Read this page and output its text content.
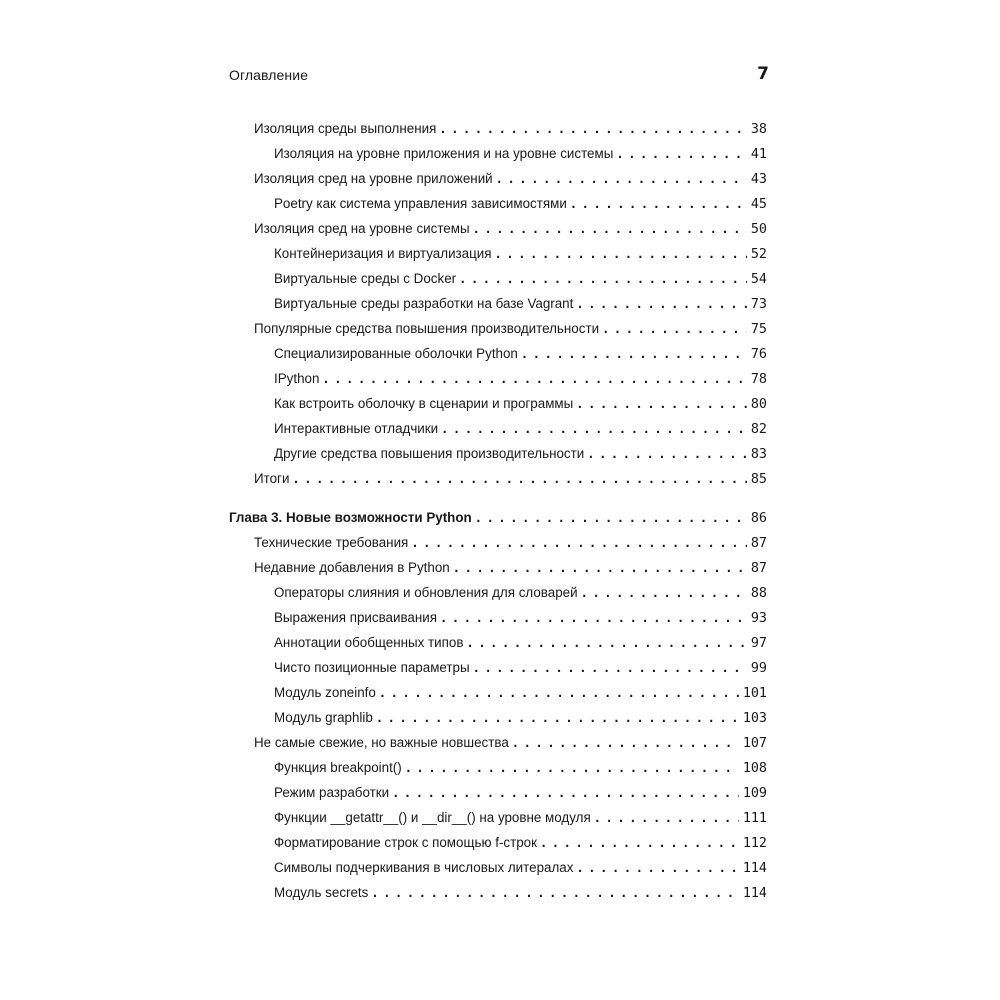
Оглавление	7
Изоляция среды выполнения . . .	38
Изоляция на уровне приложения и на уровне системы . . .	41
Изоляция сред на уровне приложений . . .	43
Poetry как система управления зависимостями . . .	45
Изоляция сред на уровне системы . . .	50
Контейнеризация и виртуализация . . .	52
Виртуальные среды с Docker . . .	54
Виртуальные среды разработки на базе Vagrant . . .	73
Популярные средства повышения производительности . . .	75
Специализированные оболочки Python . . .	76
IPython . . .	78
Как встроить оболочку в сценарии и программы . . .	80
Интерактивные отладчики . . .	82
Другие средства повышения производительности . . .	83
Итоги . . .	85
Глава 3. Новые возможности Python . . .	86
Технические требования . . .	87
Недавние добавления в Python . . .	87
Операторы слияния и обновления для словарей . . .	88
Выражения присваивания . . .	93
Аннотации обобщенных типов . . .	97
Чисто позиционные параметры . . .	99
Модуль zoneinfo . . .	101
Модуль graphlib . . .	103
Не самые свежие, но важные новшества . . .	107
Функция breakpoint() . . .	108
Режим разработки . . .	109
Функции __getattr__() и __dir__() на уровне модуля . . .	111
Форматирование строк с помощью f-строк . . .	112
Символы подчеркивания в числовых литералах . . .	114
Модуль secrets . . .	114
